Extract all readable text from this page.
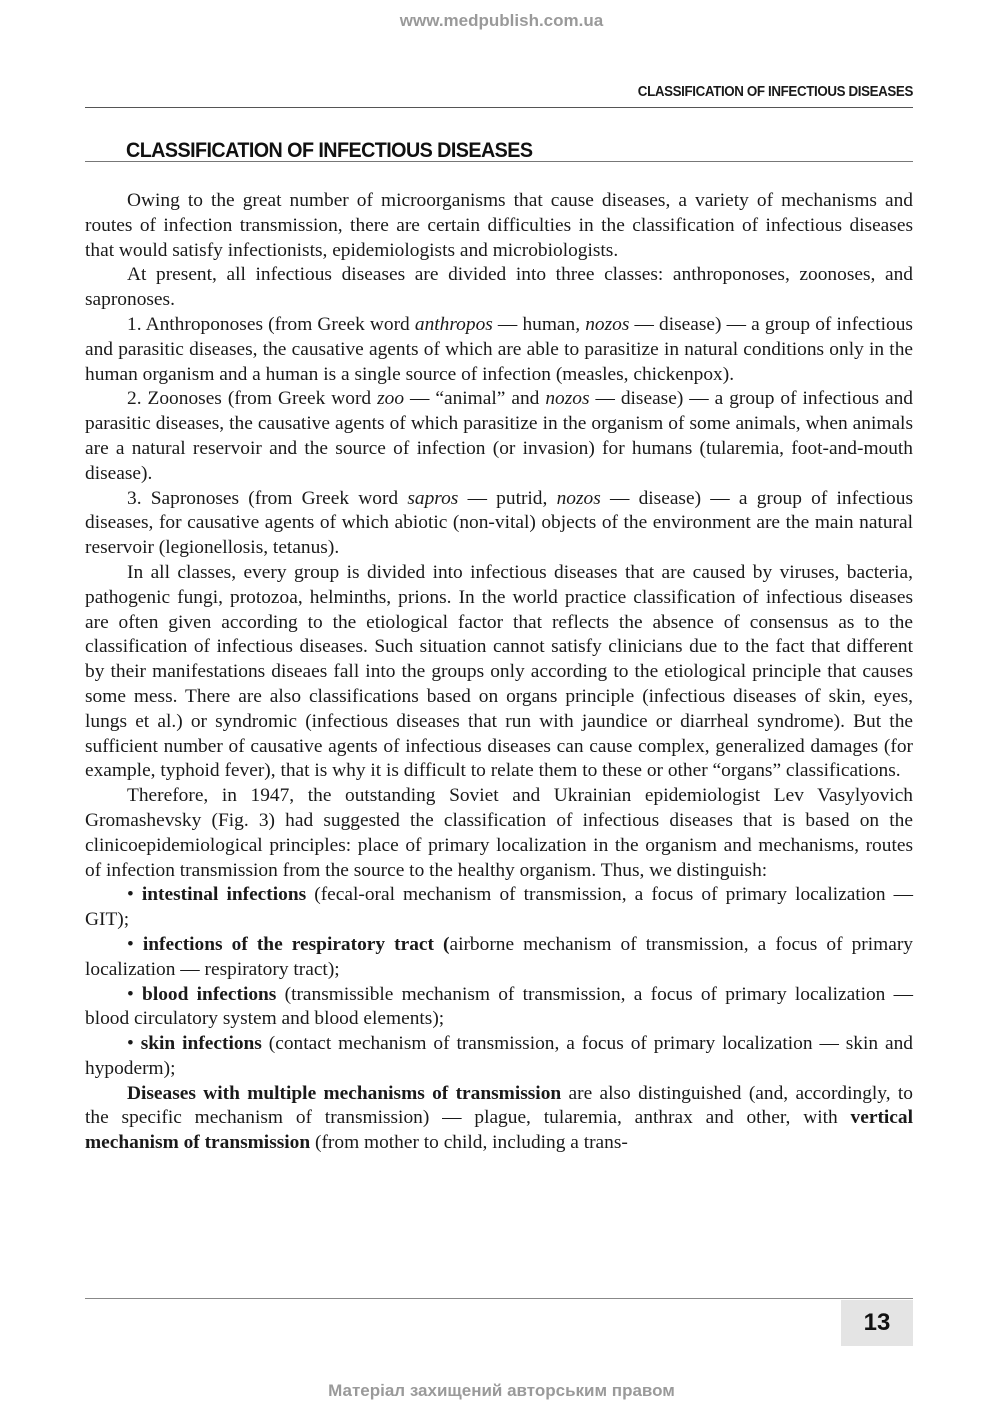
www.medpublish.com.ua
CLASSIFICATION OF INFECTIOUS DISEASES
CLASSIFICATION OF INFECTIOUS DISEASES

Owing to the great number of microorganisms that cause diseases, a variety of mechanisms and routes of infection transmission, there are certain difficulties in the classification of infectious diseases that would satisfy infectionists, epidemiologists and microbiologists.

At present, all infectious diseases are divided into three classes: anthroponoses, zoonoses, and sapronoses.

1. Anthroponoses (from Greek word anthropos — human, nozos — disease) — a group of infectious and parasitic diseases, the causative agents of which are able to parasitize in natural conditions only in the human organism and a human is a single source of infection (measles, chickenpox).

2. Zoonoses (from Greek word zoo — “animal” and nozos — disease) — a group of infectious and parasitic diseases, the causative agents of which parasitize in the organism of some animals, when animals are a natural reservoir and the source of infection (or invasion) for humans (tularemia, foot-and-mouth disease).

3. Sapronoses (from Greek word sapros — putrid, nozos — disease) — a group of infectious diseases, for causative agents of which abiotic (non-vital) objects of the environment are the main natural reservoir (legionellosis, tetanus).

In all classes, every group is divided into infectious diseases that are caused by viruses, bacteria, pathogenic fungi, protozoa, helminths, prions. In the world practice classification of infectious diseases are often given according to the etiological factor that reflects the absence of consensus as to the classification of infectious diseases. Such situation cannot satisfy clinicians due to the fact that different by their manifestations diseaes fall into the groups only according to the etiological principle that causes some mess. There are also classifications based on organs principle (infectious diseases of skin, eyes, lungs et al.) or syndromic (infectious diseases that run with jaundice or diarrheal syndrome). But the sufficient number of causative agents of infectious diseases can cause complex, generalized damages (for example, typhoid fever), that is why it is difficult to relate them to these or other “organs” classifications.

Therefore, in 1947, the outstanding Soviet and Ukrainian epidemiologist Lev Vasylyovich Gromashevsky (Fig. 3) had suggested the classification of infectious diseases that is based on the clinicoepidemiological principles: place of primary localization in the organism and mechanisms, routes of infection transmission from the source to the healthy organism. Thus, we distinguish:

• intestinal infections (fecal-oral mechanism of transmission, a focus of primary localization — GIT);

• infections of the respiratory tract (airborne mechanism of transmission, a focus of primary localization — respiratory tract);

• blood infections (transmissible mechanism of transmission, a focus of primary localization — blood circulatory system and blood elements);

• skin infections (contact mechanism of transmission, a focus of primary localization — skin and hypoderm);

Diseases with multiple mechanisms of transmission are also distinguished (and, accordingly, to the specific mechanism of transmission) — plague, tularemia, anthrax and other, with vertical mechanism of transmission (from mother to child, including a trans-

13
Матеріал захищений авторським правом
